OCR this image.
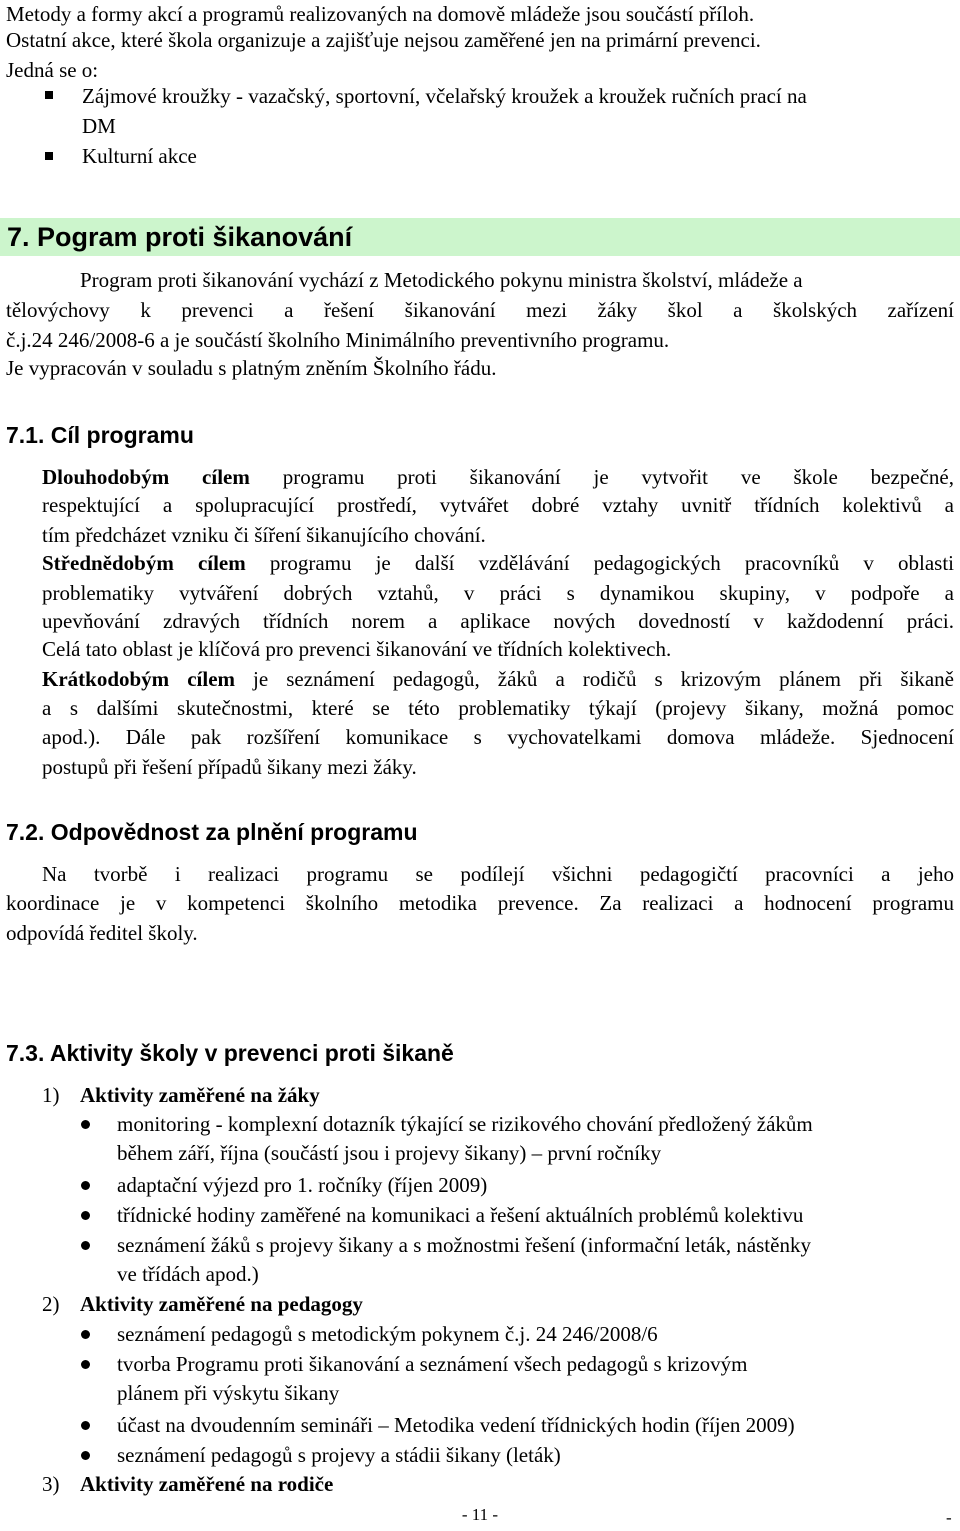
Metody a formy akcí a programů realizovaných na domově mládeže jsou součástí příloh.
Ostatní akce, které škola organizuje a zajišťuje nejsou zaměřené jen na primární prevenci.
Jedná se o:
Zájmové kroužky - vazačský, sportovní, včelařský kroužek a kroužek ručních prací na
DM
Kulturní akce
7. Pogram proti šikanování
Program proti šikanování vychází z Metodického pokynu ministra školství, mládeže a
tělovýchovy k prevenci a řešení šikanování mezi žáky škol a školských zařízení
č.j.24 246/2008-6 a je součástí školního Minimálního preventivního programu.
Je vypracován v souladu s platným zněním Školního řádu.
7.1. Cíl programu
Dlouhodobým cílem programu proti šikanování je vytvořit ve škole bezpečné,
respektující a spolupracující prostředí, vytvářet dobré vztahy uvnitř třídních kolektivů a
tím předcházet vzniku či šíření šikanujícího chování.
Střednědobým cílem programu je další vzdělávání pedagogických pracovníků v oblasti
problematiky vytváření dobrých vztahů, v práci s dynamikou skupiny, v podpoře a
upevňování zdravých třídních norem a aplikace nových dovedností v každodenní práci.
Celá tato oblast je klíčová pro prevenci šikanování ve třídních kolektivech.
Krátkodobým cílem je seznámení pedagogů, žáků a rodičů s krizovým plánem při šikaně
a s dalšími skutečnostmi, které se této problematiky týkají (projevy šikany, možná pomoc
apod.). Dále pak rozšíření komunikace s vychovatelkami domova mládeže. Sjednocení
postupů při řešení případů šikany mezi žáky.
7.2. Odpovědnost za plnění programu
Na tvorbě i realizaci programu se podílejí všichni pedagogičtí pracovníci a jeho
koordinace je v kompetenci školního metodika prevence. Za realizaci a hodnocení programu
odpovídá ředitel školy.
7.3. Aktivity školy v prevenci proti šikaně
1) Aktivity zaměřené na žáky
monitoring - komplexní dotazník týkající se rizikového chování předložený žákům
během září, října (součástí jsou i projevy šikany) – první ročníky
adaptační výjezd pro 1. ročníky (říjen 2009)
třídnické hodiny zaměřené na komunikaci a řešení aktuálních problémů kolektivu
seznámení žáků s projevy šikany a s možnostmi řešení (informační leták, nástěnky
ve třídách apod.)
2) Aktivity zaměřené na pedagogy
seznámení pedagogů s metodickým pokynem č.j. 24 246/2008/6
tvorba Programu proti šikanování a seznámení všech pedagogů s krizovým
plánem při výskytu šikany
účast na dvoudenním semináři – Metodika vedení třídnických hodin (říjen 2009)
seznámení pedagogů s projevy a stádii šikany (leták)
3) Aktivity zaměřené na rodiče
- 11 -	-
